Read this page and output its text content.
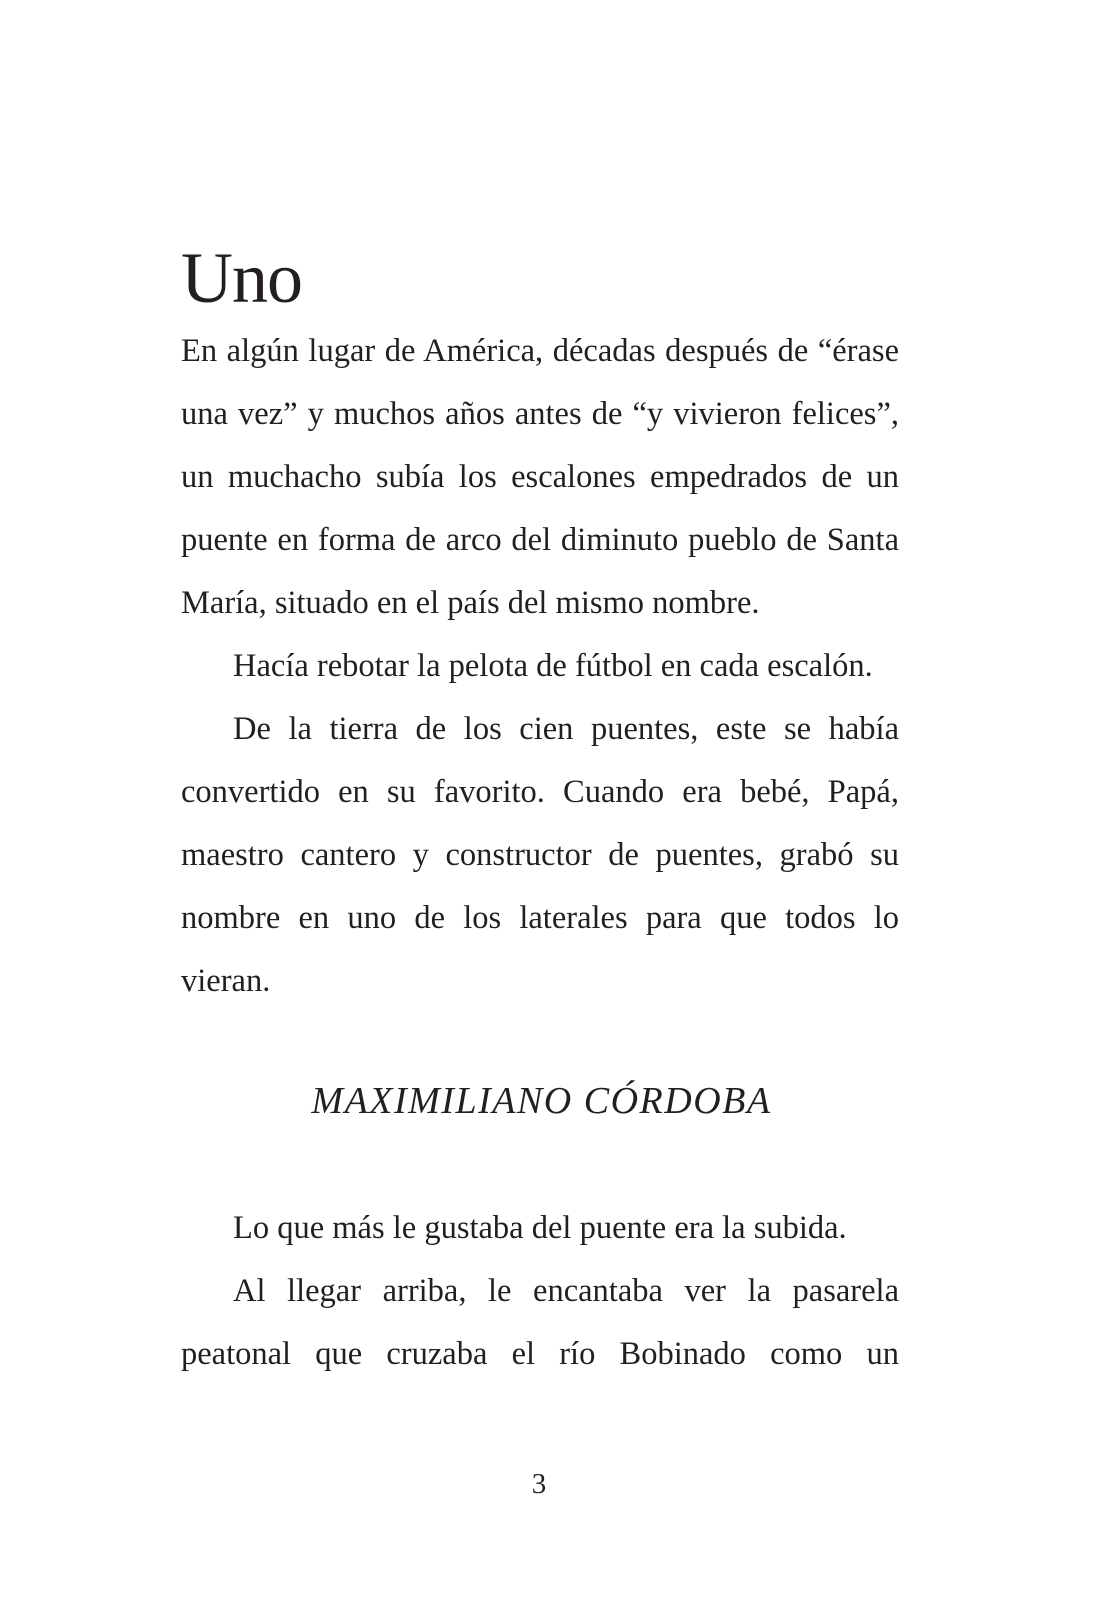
Uno

En algún lugar de América, décadas después de “érase una vez” y muchos años antes de “y vivieron felices”, un muchacho subía los escalones empedrados de un puente en forma de arco del diminuto pueblo de Santa María, situado en el país del mismo nombre.

Hacía rebotar la pelota de fútbol en cada escalón.

De la tierra de los cien puentes, este se había convertido en su favorito. Cuando era bebé, Papá, maestro cantero y constructor de puentes, grabó su nombre en uno de los laterales para que todos lo vieran.

MAXIMILIANO CÓRDOBA

Lo que más le gustaba del puente era la subida.

Al llegar arriba, le encantaba ver la pasarela peatonal que cruzaba el río Bobinado como un

3
